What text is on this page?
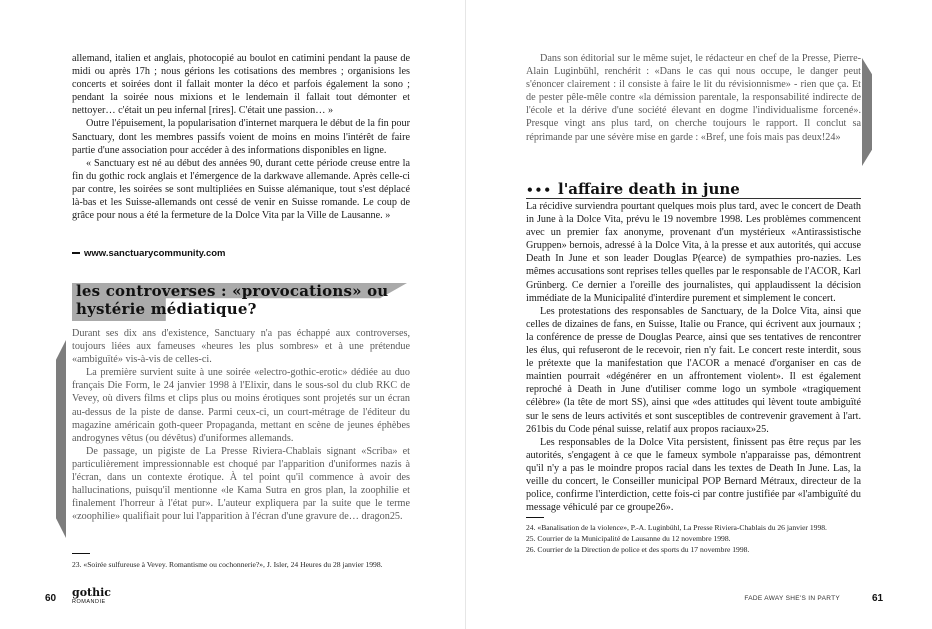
allemand, italien et anglais, photocopié au boulot en catimini pendant la pause de midi ou après 17h ; nous gérions les cotisations des membres ; organisions les concerts et soirées dont il fallait monter la déco et parfois également la sono ; pendant la soirée nous mixions et le lendemain il fallait tout démonter et nettoyer… c'était un peu infernal [rires]. C'était une passion… »

Outre l'épuisement, la popularisation d'internet marquera le début de la fin pour Sanctuary, dont les membres passifs voient de moins en moins l'intérêt de faire partie d'une association pour accéder à des informations disponibles en ligne.

« Sanctuary est né au début des années 90, durant cette période creuse entre la fin du gothic rock anglais et l'émergence de la darkwave allemande. Après celle-ci par contre, les soirées se sont multipliées en Suisse alémanique, tout s'est déplacé là-bas et les Suisse-allemands ont cessé de venir en Suisse romande. Le coup de grâce pour nous a été la fermeture de la Dolce Vita par la Ville de Lausanne. »

www.sanctuarycommunity.com
les controverses : «provocations» ou hystérie médiatique?

Durant ses dix ans d'existence, Sanctuary n'a pas échappé aux controverses, toujours liées aux fameuses «heures les plus sombres» et à une prétendue «ambiguïté» vis-à-vis de celles-ci.

La première survient suite à une soirée «electro-gothic-erotic» dédiée au duo français Die Form, le 24 janvier 1998 à l'Elixir, dans le sous-sol du club RKC de Vevey, où divers films et clips plus ou moins érotiques sont projetés sur un écran au-dessus de la piste de danse. Parmi ceux-ci, un court-métrage de l'éditeur du magazine américain goth-queer Propaganda, mettant en scène de jeunes éphèbes androgynes vêtus (ou dévêtus) d'uniformes allemands.

De passage, un pigiste de La Presse Riviera-Chablais signant «Scriba» et particulièrement impressionnable est choqué par l'apparition d'uniformes nazis à l'écran, dans un contexte érotique. À tel point qu'il commence à avoir des hallucinations, puisqu'il mentionne «le Kama Sutra en gros plan, la zoophilie et finalement l'horreur à l'état pur». L'auteur expliquera par la suite que le terme «zoophilie» qualifiait pour lui l'apparition à l'écran d'une gravure de… dragon25.

23. «Soirée sulfureuse à Vevey. Romantisme ou cochonnerie?», J. Isler, 24 Heures du 28 janvier 1998.

60 gothic
ROMANDIE

Dans son éditorial sur le même sujet, le rédacteur en chef de la Presse, Pierre-Alain Luginbühl, renchérit : «Dans le cas qui nous occupe, le danger peut s'énoncer clairement : il consiste à faire le lit du révisionnisme» - rien que ça. Et de pester pêle-mêle contre «la démission parentale, la responsabilité indirecte de l'école et la dérive d'une société élevant en dogme l'individualisme forcené». Presque vingt ans plus tard, on cherche toujours le rapport. Il conclut sa réprimande par une sévère mise en garde : «Bref, une fois mais pas deux!24»

••• l'affaire death in june

La récidive surviendra pourtant quelques mois plus tard, avec le concert de Death in June à la Dolce Vita, prévu le 19 novembre 1998. Les problèmes commencent avec un premier fax anonyme, provenant d'un mystérieux «Antirassistische Gruppen» bernois, adressé à la Dolce Vita, à la presse et aux autorités, qui accuse Death In June et son leader Douglas P(earce) de sympathies pro-nazies. Les mêmes accusations sont reprises telles quelles par le responsable de l'ACOR, Karl Grünberg. Ce dernier a l'oreille des journalistes, qui applaudissent la décision immédiate de la Municipalité d'interdire purement et simplement le concert.

Les protestations des responsables de Sanctuary, de la Dolce Vita, ainsi que celles de dizaines de fans, en Suisse, Italie ou France, qui écrivent aux journaux ; la conférence de presse de Douglas Pearce, ainsi que ses tentatives de rencontrer les élus, qui refuseront de le recevoir, rien n'y fait. Le concert reste interdit, sous le prétexte que la manifestation que l'ACOR a menacé d'organiser en cas de maintien pourrait «dégénérer en un affrontement violent». Il est également reproché à Death in June d'utiliser comme logo un symbole «tragiquement célèbre» (la tête de mort SS), ainsi que «des attitudes qui lèvent toute ambiguïté sur le sens de leurs activités et sont susceptibles de contrevenir gravement à l'art. 261bis du Code pénal suisse, relatif aux propos raciaux»25.

Les responsables de la Dolce Vita persistent, finissent pas être reçus par les autorités, s'engagent à ce que le fameux symbole n'apparaisse pas, démontrent qu'il n'y a pas le moindre propos racial dans les textes de Death In June. Las, la veille du concert, le Conseiller municipal POP Bernard Métraux, directeur de la police, confirme l'interdiction, cette fois-ci par contre justifiée par «l'ambiguïté du message véhiculé par ce groupe26».

24. «Banalisation de la violence», P.-A. Luginbühl, La Presse Riviera-Chablais du 26 janvier 1998.

25. Courrier de la Municipalité de Lausanne du 12 novembre 1998.

26. Courrier de la Direction de police et des sports du 17 novembre 1998.

FADE AWAY SHE'S IN PARTY	61
